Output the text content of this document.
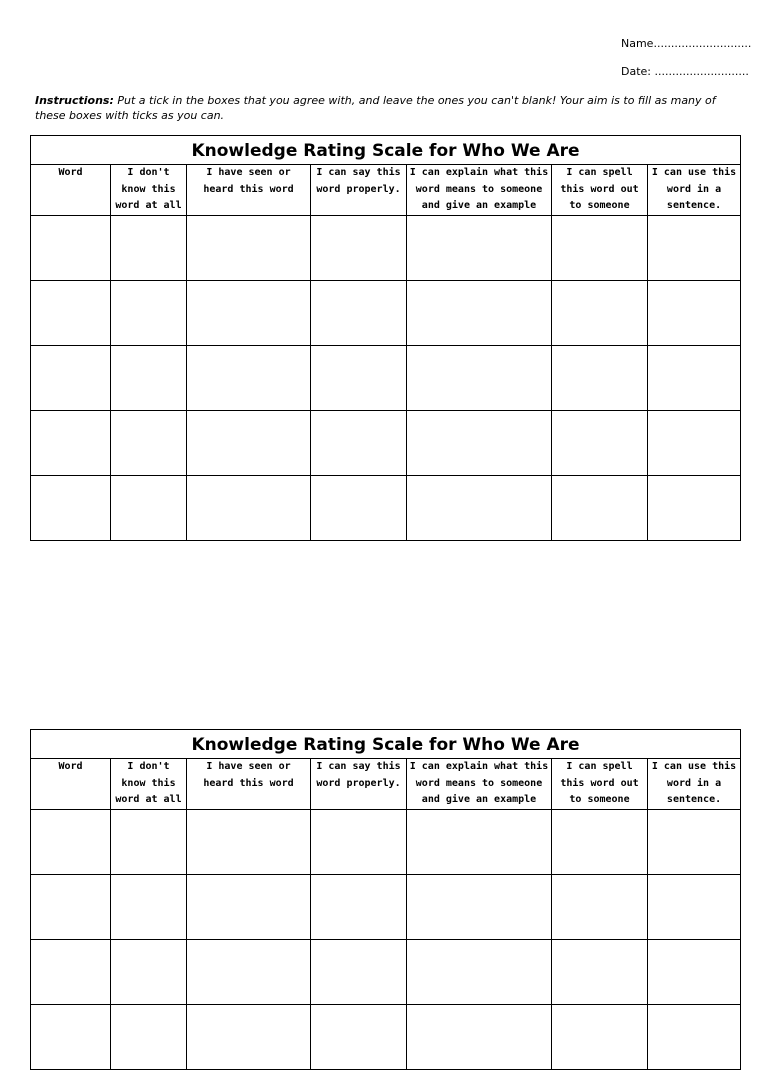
Name............................
Date: ...........................
Instructions: Put a tick in the boxes that you agree with, and leave the ones you can't blank! Your aim is to fill as many of these boxes with ticks as you can.
Knowledge Rating Scale for Who We Are						

Word	I don't know this word at all	I have seen or heard this word	I can say this word properly.	I can explain what this word means to someone and give an example	I can spell this word out to someone	I can use this word in a sentence.

Knowledge Rating Scale for Who We Are						

Word	I don't know this word at all	I have seen or heard this word	I can say this word properly.	I can explain what this word means to someone and give an example	I can spell this word out to someone	I can use this word in a sentence.
